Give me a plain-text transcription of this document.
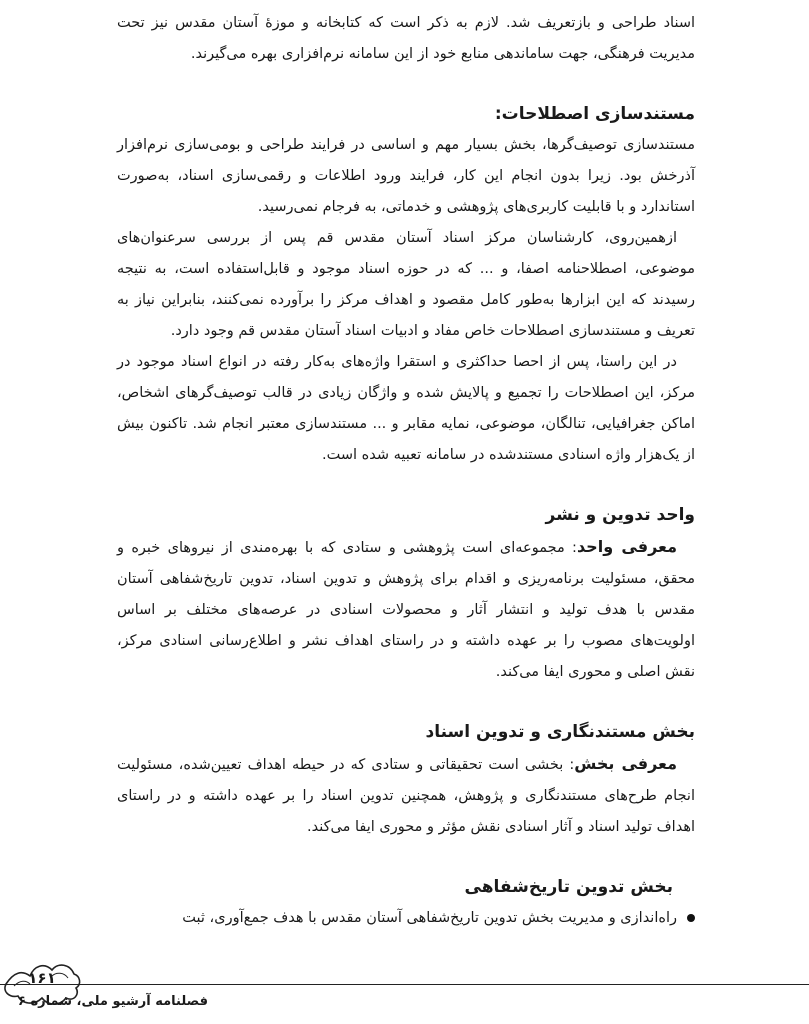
اسناد طراحی و بازتعریف شد. لازم به ذکر است که کتابخانه و موزهٔ آستان مقدس نیز تحت مدیریت فرهنگی، جهت ساماندهی منابع خود از این سامانه نرم‌افزاری بهره می‌گیرند.

مستندسازی اصطلاحات:

مستندسازی توصیف‌گرها، بخش بسیار مهم و اساسی در فرایند طراحی و بومی‌سازی نرم‌افزار آذرخش بود. زیرا بدون انجام این کار، فرایند ورود اطلاعات و رقمی‌سازی اسناد، به‌صورت استاندارد و با قابلیت کاربری‌های پژوهشی و خدماتی، به فرجام نمی‌رسید.

ازهمین‌روی، کارشناسان مرکز اسناد آستان مقدس قم پس از بررسی سرعنوان‌های موضوعی، اصطلاحنامه اصفا، و ... که در حوزه اسناد موجود و قابل‌استفاده است، به نتیجه رسیدند که این ابزارها به‌طور کامل مقصود و اهداف مرکز را برآورده نمی‌کنند، بنابراین نیاز به تعریف و مستندسازی اصطلاحات خاص مفاد و ادبیات اسناد آستان مقدس قم وجود دارد.

در این راستا، پس از احصا حداکثری و استقرا واژه‌های به‌کار رفته در انواع اسناد موجود در مرکز، این اصطلاحات را تجمیع و پالایش شده و واژگان زیادی در قالب توصیف‌گرهای اشخاص، اماکن جغرافیایی، تنالگان، موضوعی، نمایه مقابر و ... مستندسازی معتبر انجام شد. تاکنون بیش از یک‌هزار واژه اسنادی مستندشده در سامانه تعبیه شده است.

واحد تدوین و نشر

معرفی واحد: مجموعه‌ای است پژوهشی و ستادی که با بهره‌مندی از نیروهای خبره و محقق، مسئولیت برنامه‌ریزی و اقدام برای پژوهش و تدوین اسناد، تدوین تاریخ‌شفاهی آستان مقدس با هدف تولید و انتشار آثار و محصولات اسنادی در عرصه‌های مختلف بر اساس اولویت‌های مصوب را بر عهده داشته و در راستای اهداف نشر و اطلاع‌رسانی اسنادی مرکز، نقش اصلی و محوری ایفا می‌کند.

بخش مستندنگاری و تدوین اسناد

معرفی بخش: بخشی است تحقیقاتی و ستادی که در حیطه اهداف تعیین‌شده، مسئولیت انجام طرح‌های مستندنگاری و پژوهش، همچنین تدوین اسناد را بر عهده داشته و در راستای اهداف تولید اسناد و آثار اسنادی نقش مؤثر و محوری ایفا می‌کند.

بخش تدوین تاریخ‌شفاهی
راه‌اندازی و مدیریت بخش تدوین تاریخ‌شفاهی آستان مقدس با هدف جمع‌آوری، ثبت
۱۶۱
فصلنامه آرشیو ملی، شماره ۶
